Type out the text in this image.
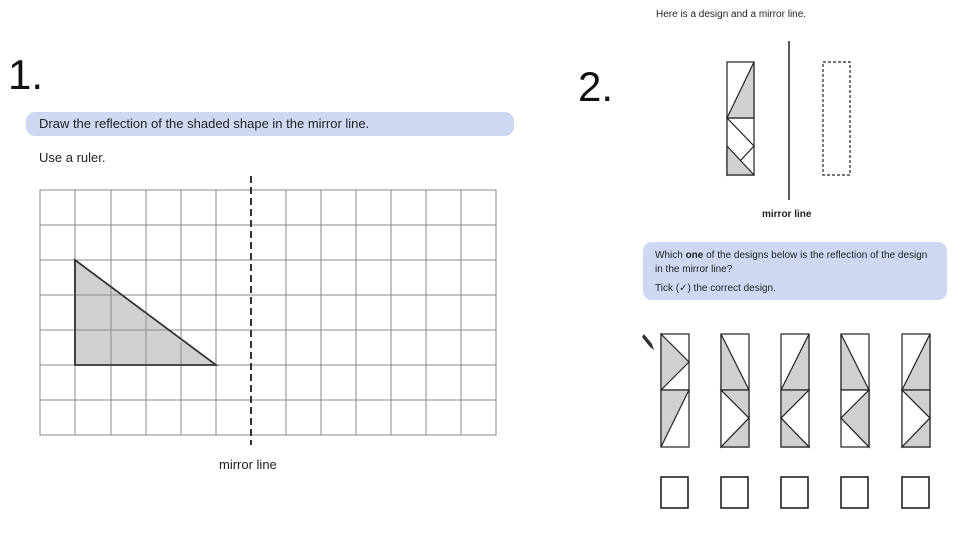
1.
Draw the reflection of the shaded shape in the mirror line.
Use a ruler.
mirror line
2.
Here is a design and a mirror line.
mirror line

Which one of the designs below is the reflection of the design in the mirror line?

Tick (✓) the correct design.
